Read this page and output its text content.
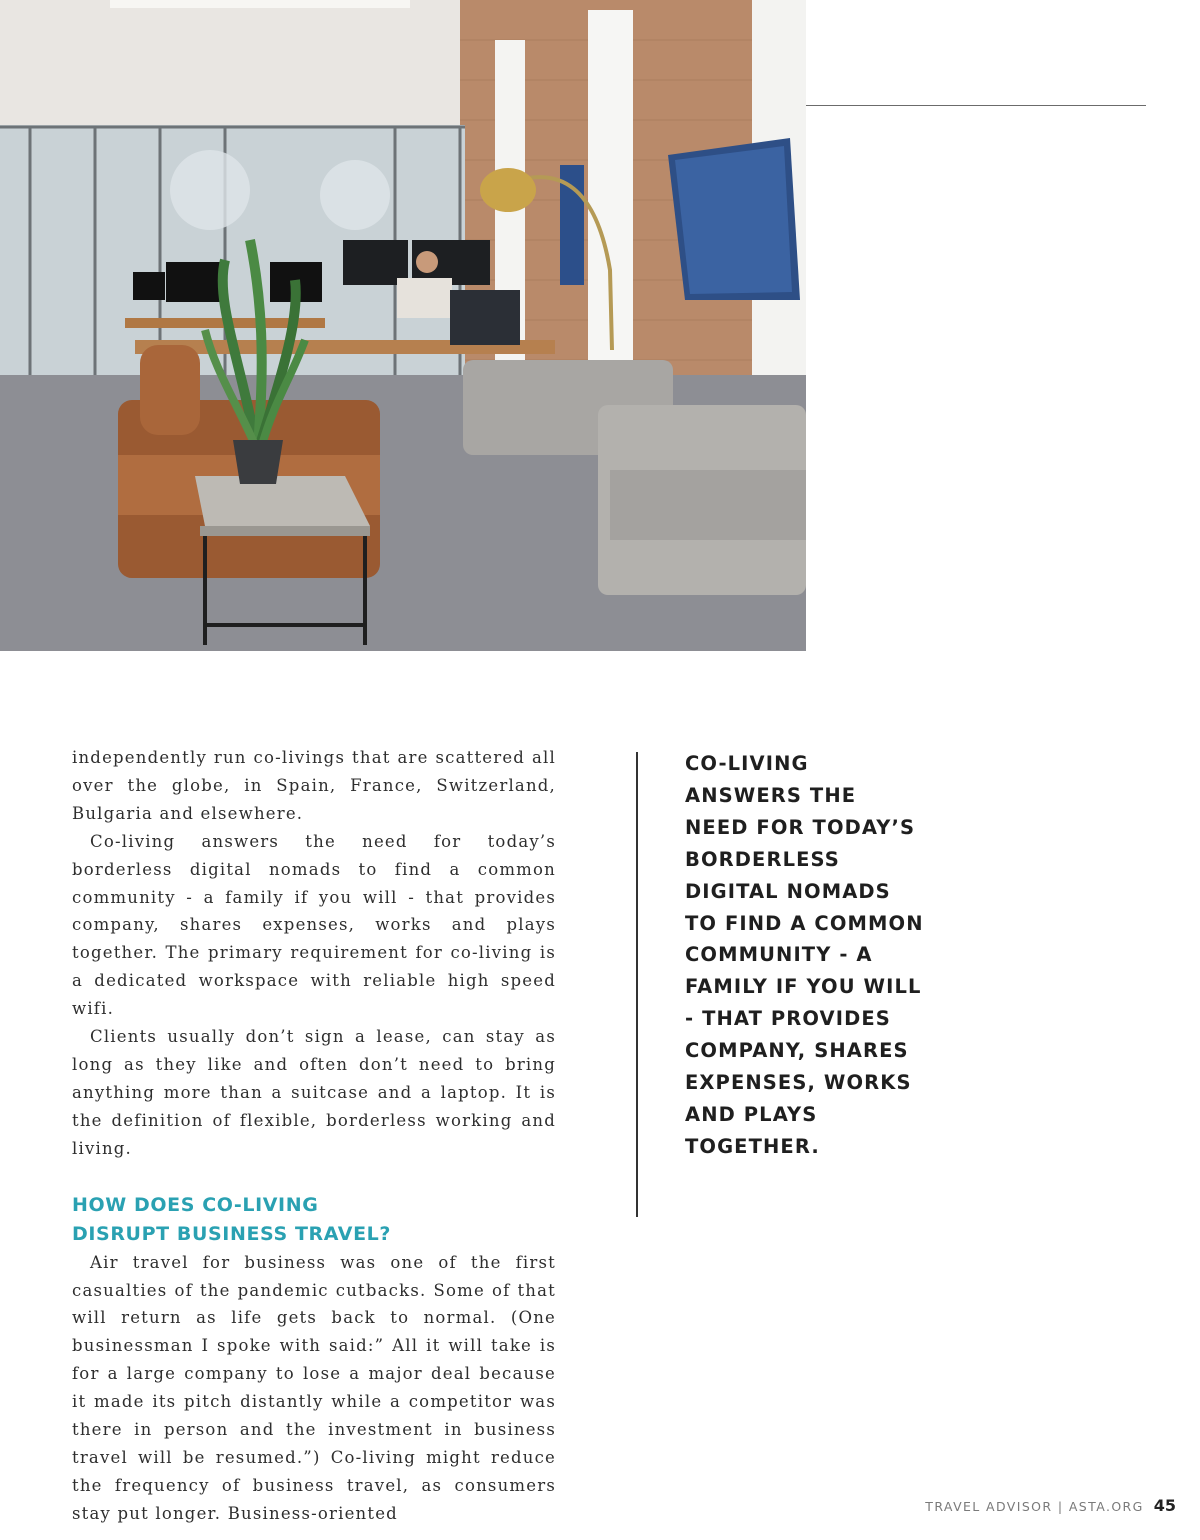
independently run co-livings that are scattered all over the globe, in Spain, France, Switzerland, Bulgaria and elsewhere.

Co-living answers the need for today’s borderless digital nomads to find a common community - a family if you will - that provides company, shares expenses, works and plays together. The primary requirement for co-living is a dedicated workspace with reliable high speed wifi.

Clients usually don’t sign a lease, can stay as long as they like and often don’t need to bring anything more than a suitcase and a laptop. It is the definition of flexible, borderless working and living.

HOW DOES CO-LIVING
DISRUPT BUSINESS TRAVEL?

Air travel for business was one of the first casualties of the pandemic cutbacks. Some of that will return as life gets back to normal. (One businessman I spoke with said:” All it will take is for a large company to lose a major deal because it made its pitch distantly while a competitor was there in person and the investment in business travel will be resumed.”) Co-living might reduce the frequency of business travel, as consumers stay put longer. Business-oriented

CO-LIVING
ANSWERS THE
NEED FOR TODAY’S
BORDERLESS
DIGITAL NOMADS
TO FIND A COMMON
COMMUNITY - A
FAMILY IF YOU WILL
- THAT PROVIDES
COMPANY, SHARES
EXPENSES, WORKS
AND PLAYS
TOGETHER.
TRAVEL ADVISOR | ASTA.ORG 45
